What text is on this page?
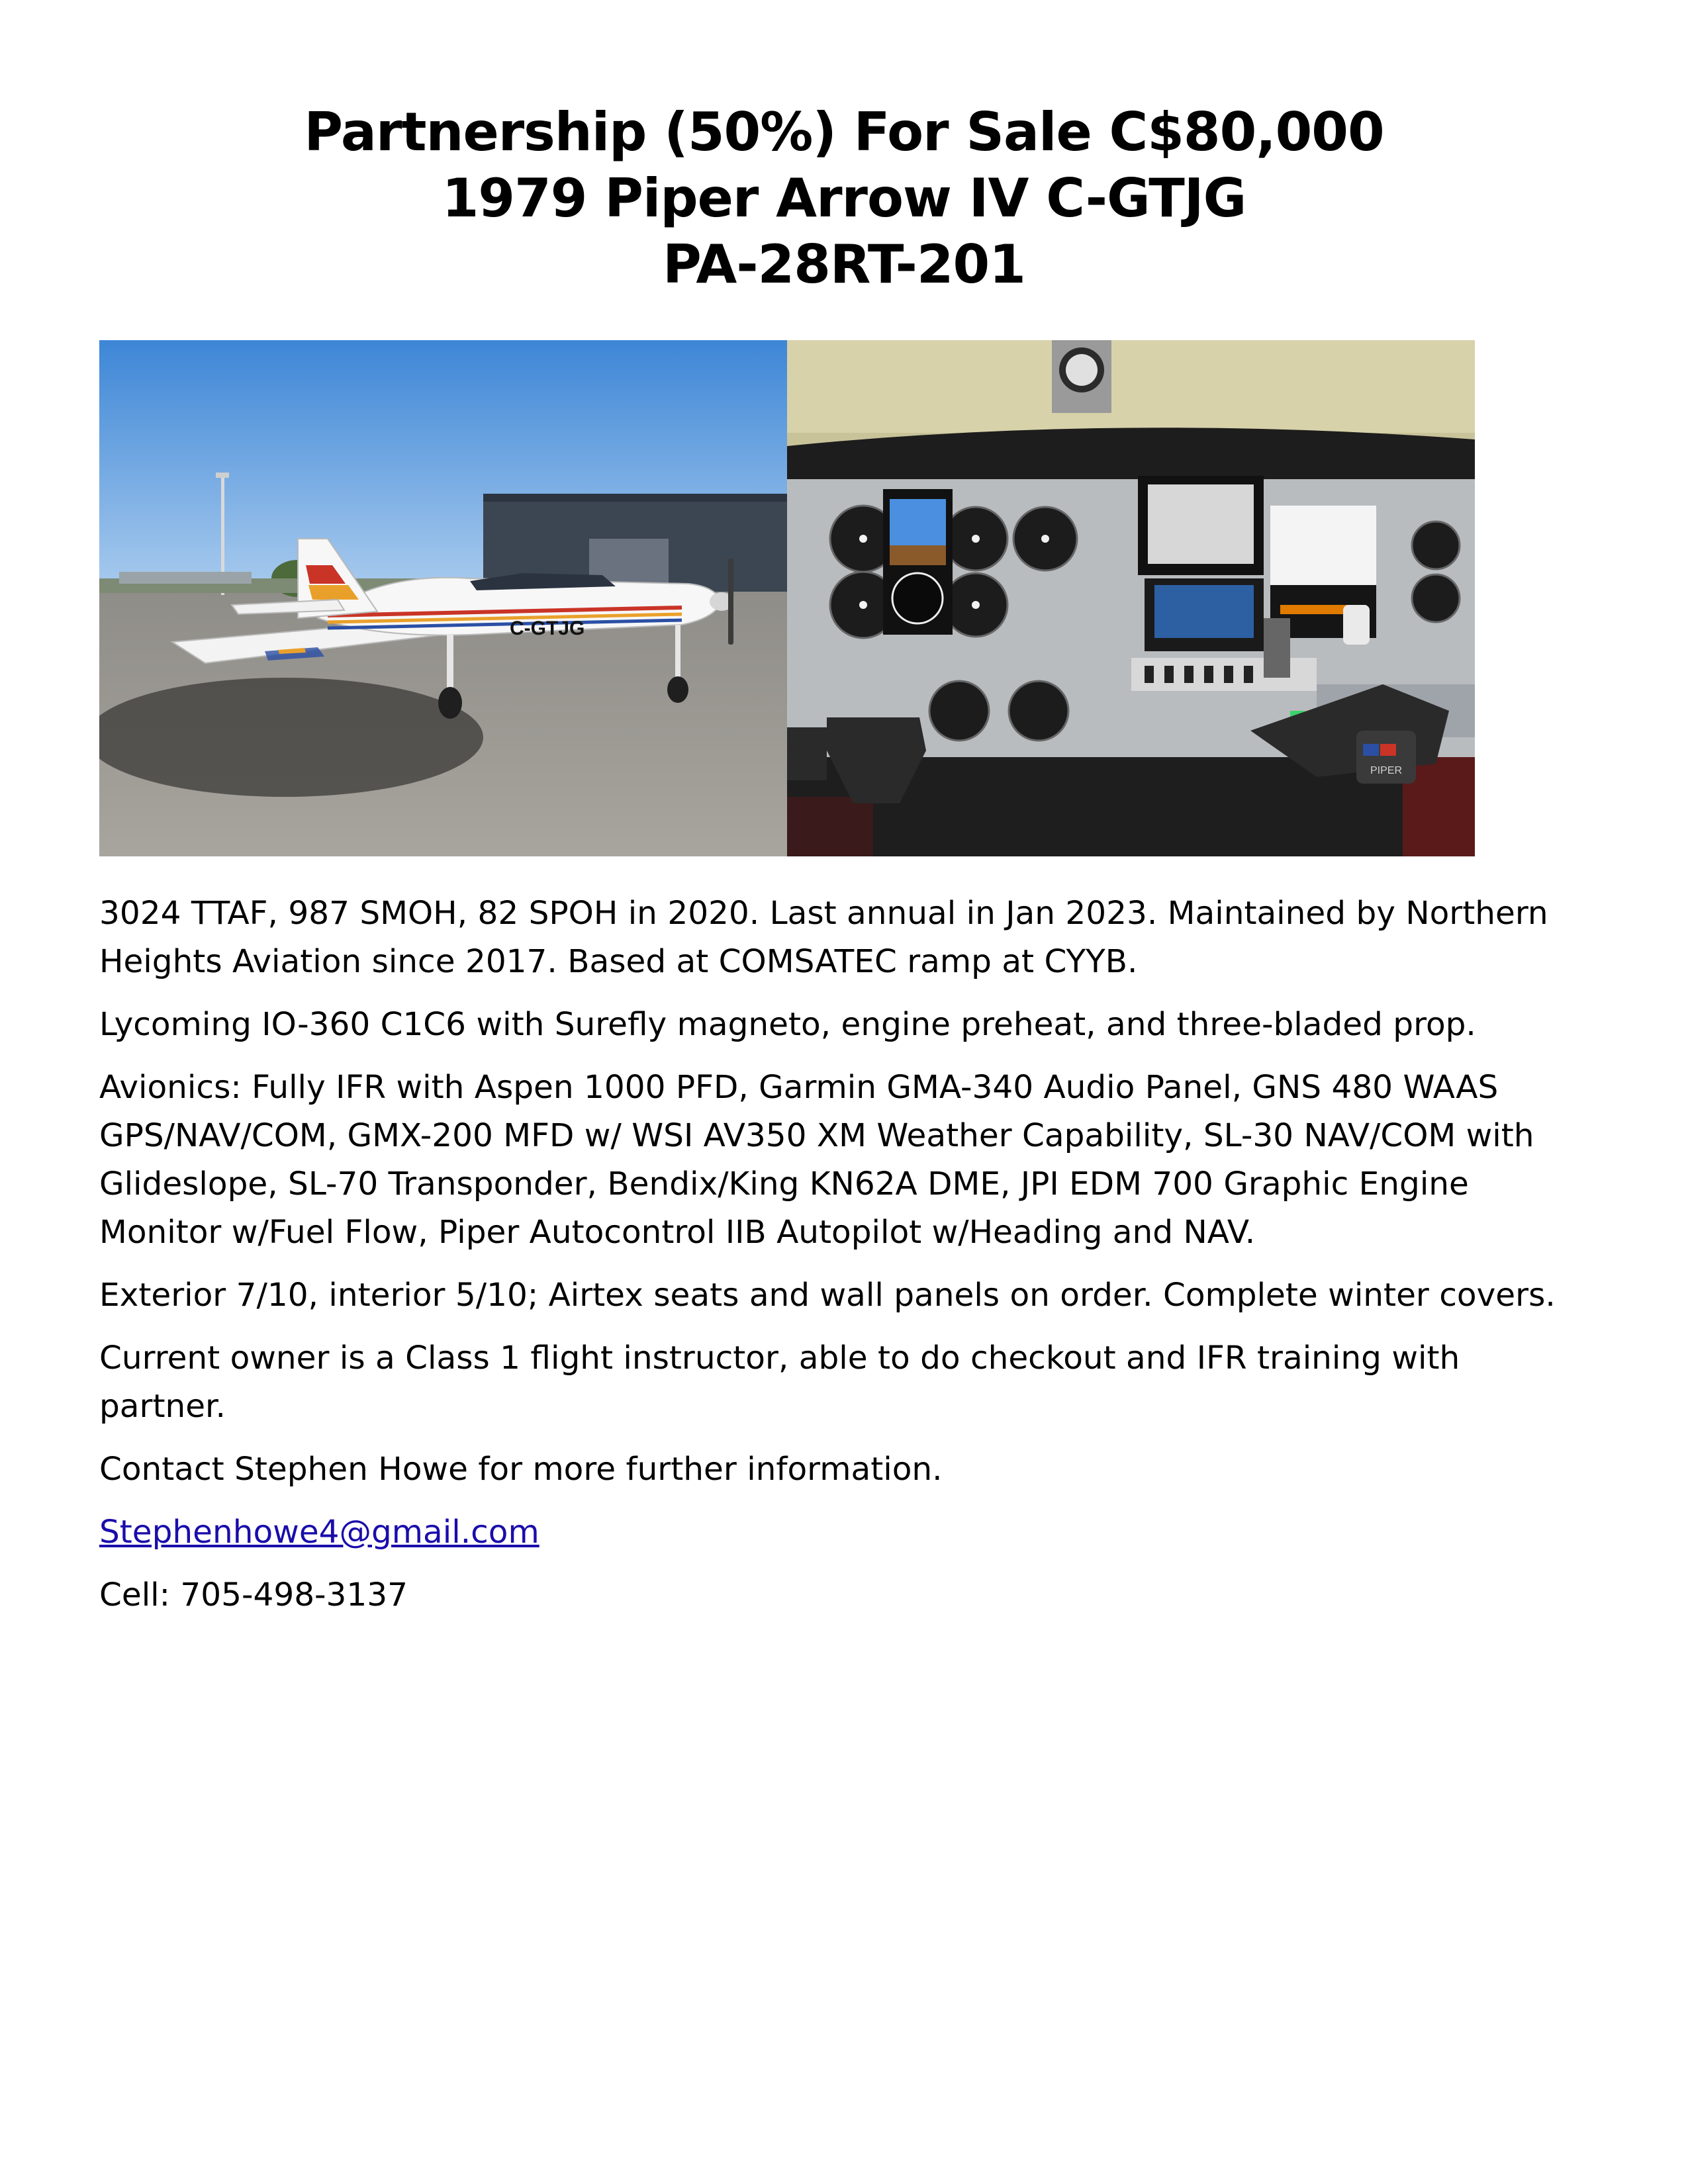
Partnership (50%) For Sale C$80,000
1979 Piper Arrow IV C-GTJG
PA-28RT-201
C-GTJG
PIPER

3024 TTAF, 987 SMOH, 82 SPOH in 2020. Last annual in Jan 2023. Maintained by Northern Heights Aviation since 2017. Based at COMSATEC ramp at CYYB.

Lycoming IO-360 C1C6 with Surefly magneto, engine preheat, and three-bladed prop.

Avionics: Fully IFR with Aspen 1000 PFD, Garmin GMA-340 Audio Panel, GNS 480 WAAS GPS/NAV/COM, GMX-200 MFD w/ WSI AV350 XM Weather Capability, SL-30 NAV/COM with Glideslope, SL-70 Transponder, Bendix/King KN62A DME, JPI EDM 700 Graphic Engine Monitor w/Fuel Flow, Piper Autocontrol IIB Autopilot w/Heading and NAV.

Exterior 7/10, interior 5/10; Airtex seats and wall panels on order. Complete winter covers.

Current owner is a Class 1 flight instructor, able to do checkout and IFR training with partner.

Contact Stephen Howe for more further information.

Stephenhowe4@gmail.com

Cell: 705-498-3137
